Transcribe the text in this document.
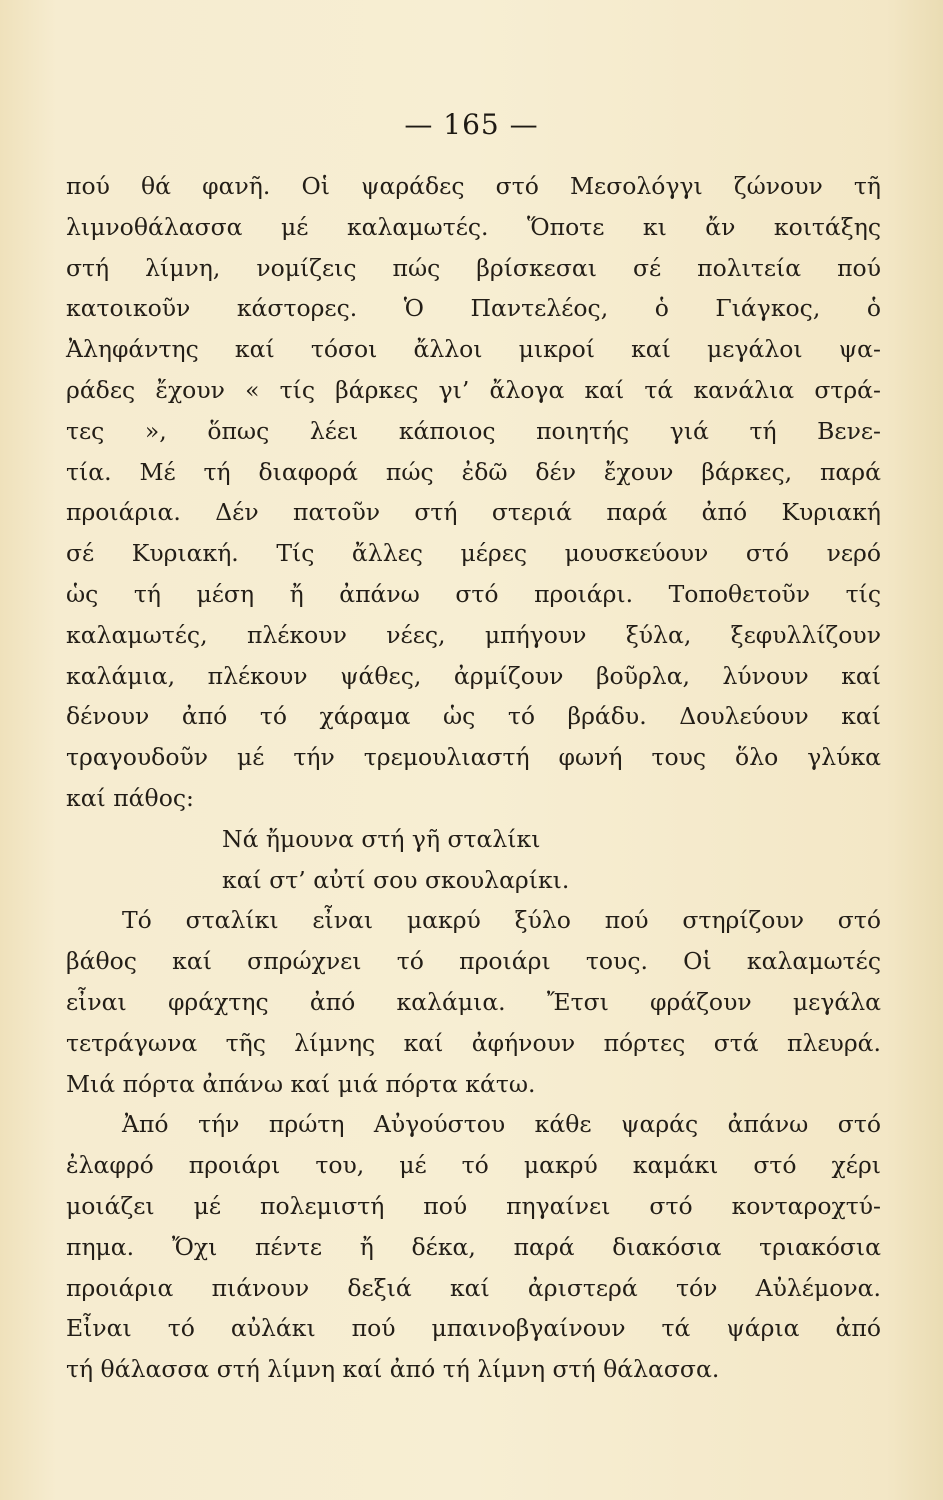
— 165 —
πού θά φανῆ. Οἱ ψαράδες στό Μεσολόγγι ζώνουν τῆ
λιμνοθάλασσα μέ καλαμωτές. Ὅποτε κι ἄν κοιτάξης
στή λίμνη, νομίζεις πώς βρίσκεσαι σέ πολιτεία πού
κατοικοῦν κάστορες. Ὁ Παντελέος, ὁ Γιάγκος, ὁ
Ἀληφάντης καί τόσοι ἄλλοι μικροί καί μεγάλοι ψα-
ράδες ἔχουν « τίς βάρκες γι’ ἄλογα καί τά κανάλια στρά-
τες », ὅπως λέει κάποιος ποιητής γιά τή Βενε-
τία. Μέ τή διαφορά πώς ἐδῶ δέν ἔχουν βάρκες, παρά
προιάρια. Δέν πατοῦν στή στεριά παρά ἀπό Κυριακή
σέ Κυριακή. Τίς ἄλλες μέρες μουσκεύουν στό νερό
ὡς τή μέση ἤ ἀπάνω στό προιάρι. Τοποθετοῦν τίς
καλαμωτές, πλέκουν νέες, μπήγουν ξύλα, ξεφυλλίζουν
καλάμια, πλέκουν ψάθες, ἀρμίζουν βοῦρλα, λύνουν καί
δένουν ἀπό τό χάραμα ὡς τό βράδυ. Δουλεύουν καί
τραγουδοῦν μέ τήν τρεμουλιαστή φωνή τους ὅλο γλύκα
καί πάθος:
Νά ἤμουνα στή γῆ σταλίκι
καί στ’ αὐτί σου σκουλαρίκι.
Τό σταλίκι εἶναι μακρύ ξύλο πού στηρίζουν στό
βάθος καί σπρώχνει τό προιάρι τους. Οἱ καλαμωτές
εἶναι φράχτης ἀπό καλάμια. Ἔτσι φράζουν μεγάλα
τετράγωνα τῆς λίμνης καί ἀφήνουν πόρτες στά πλευρά.
Μιά πόρτα ἀπάνω καί μιά πόρτα κάτω.
Ἀπό τήν πρώτη Αὐγούστου κάθε ψαράς ἀπάνω στό
ἐλαφρό προιάρι του, μέ τό μακρύ καμάκι στό χέρι
μοιάζει μέ πολεμιστή πού πηγαίνει στό κονταροχτύ-
πημα. Ὄχι πέντε ἤ δέκα, παρά διακόσια τριακόσια
προιάρια πιάνουν δεξιά καί ἀριστερά τόν Αὐλέμονα.
Εἶναι τό αὐλάκι πού μπαινοβγαίνουν τά ψάρια ἀπό
τή θάλασσα στή λίμνη καί ἀπό τή λίμνη στή θάλασσα.
